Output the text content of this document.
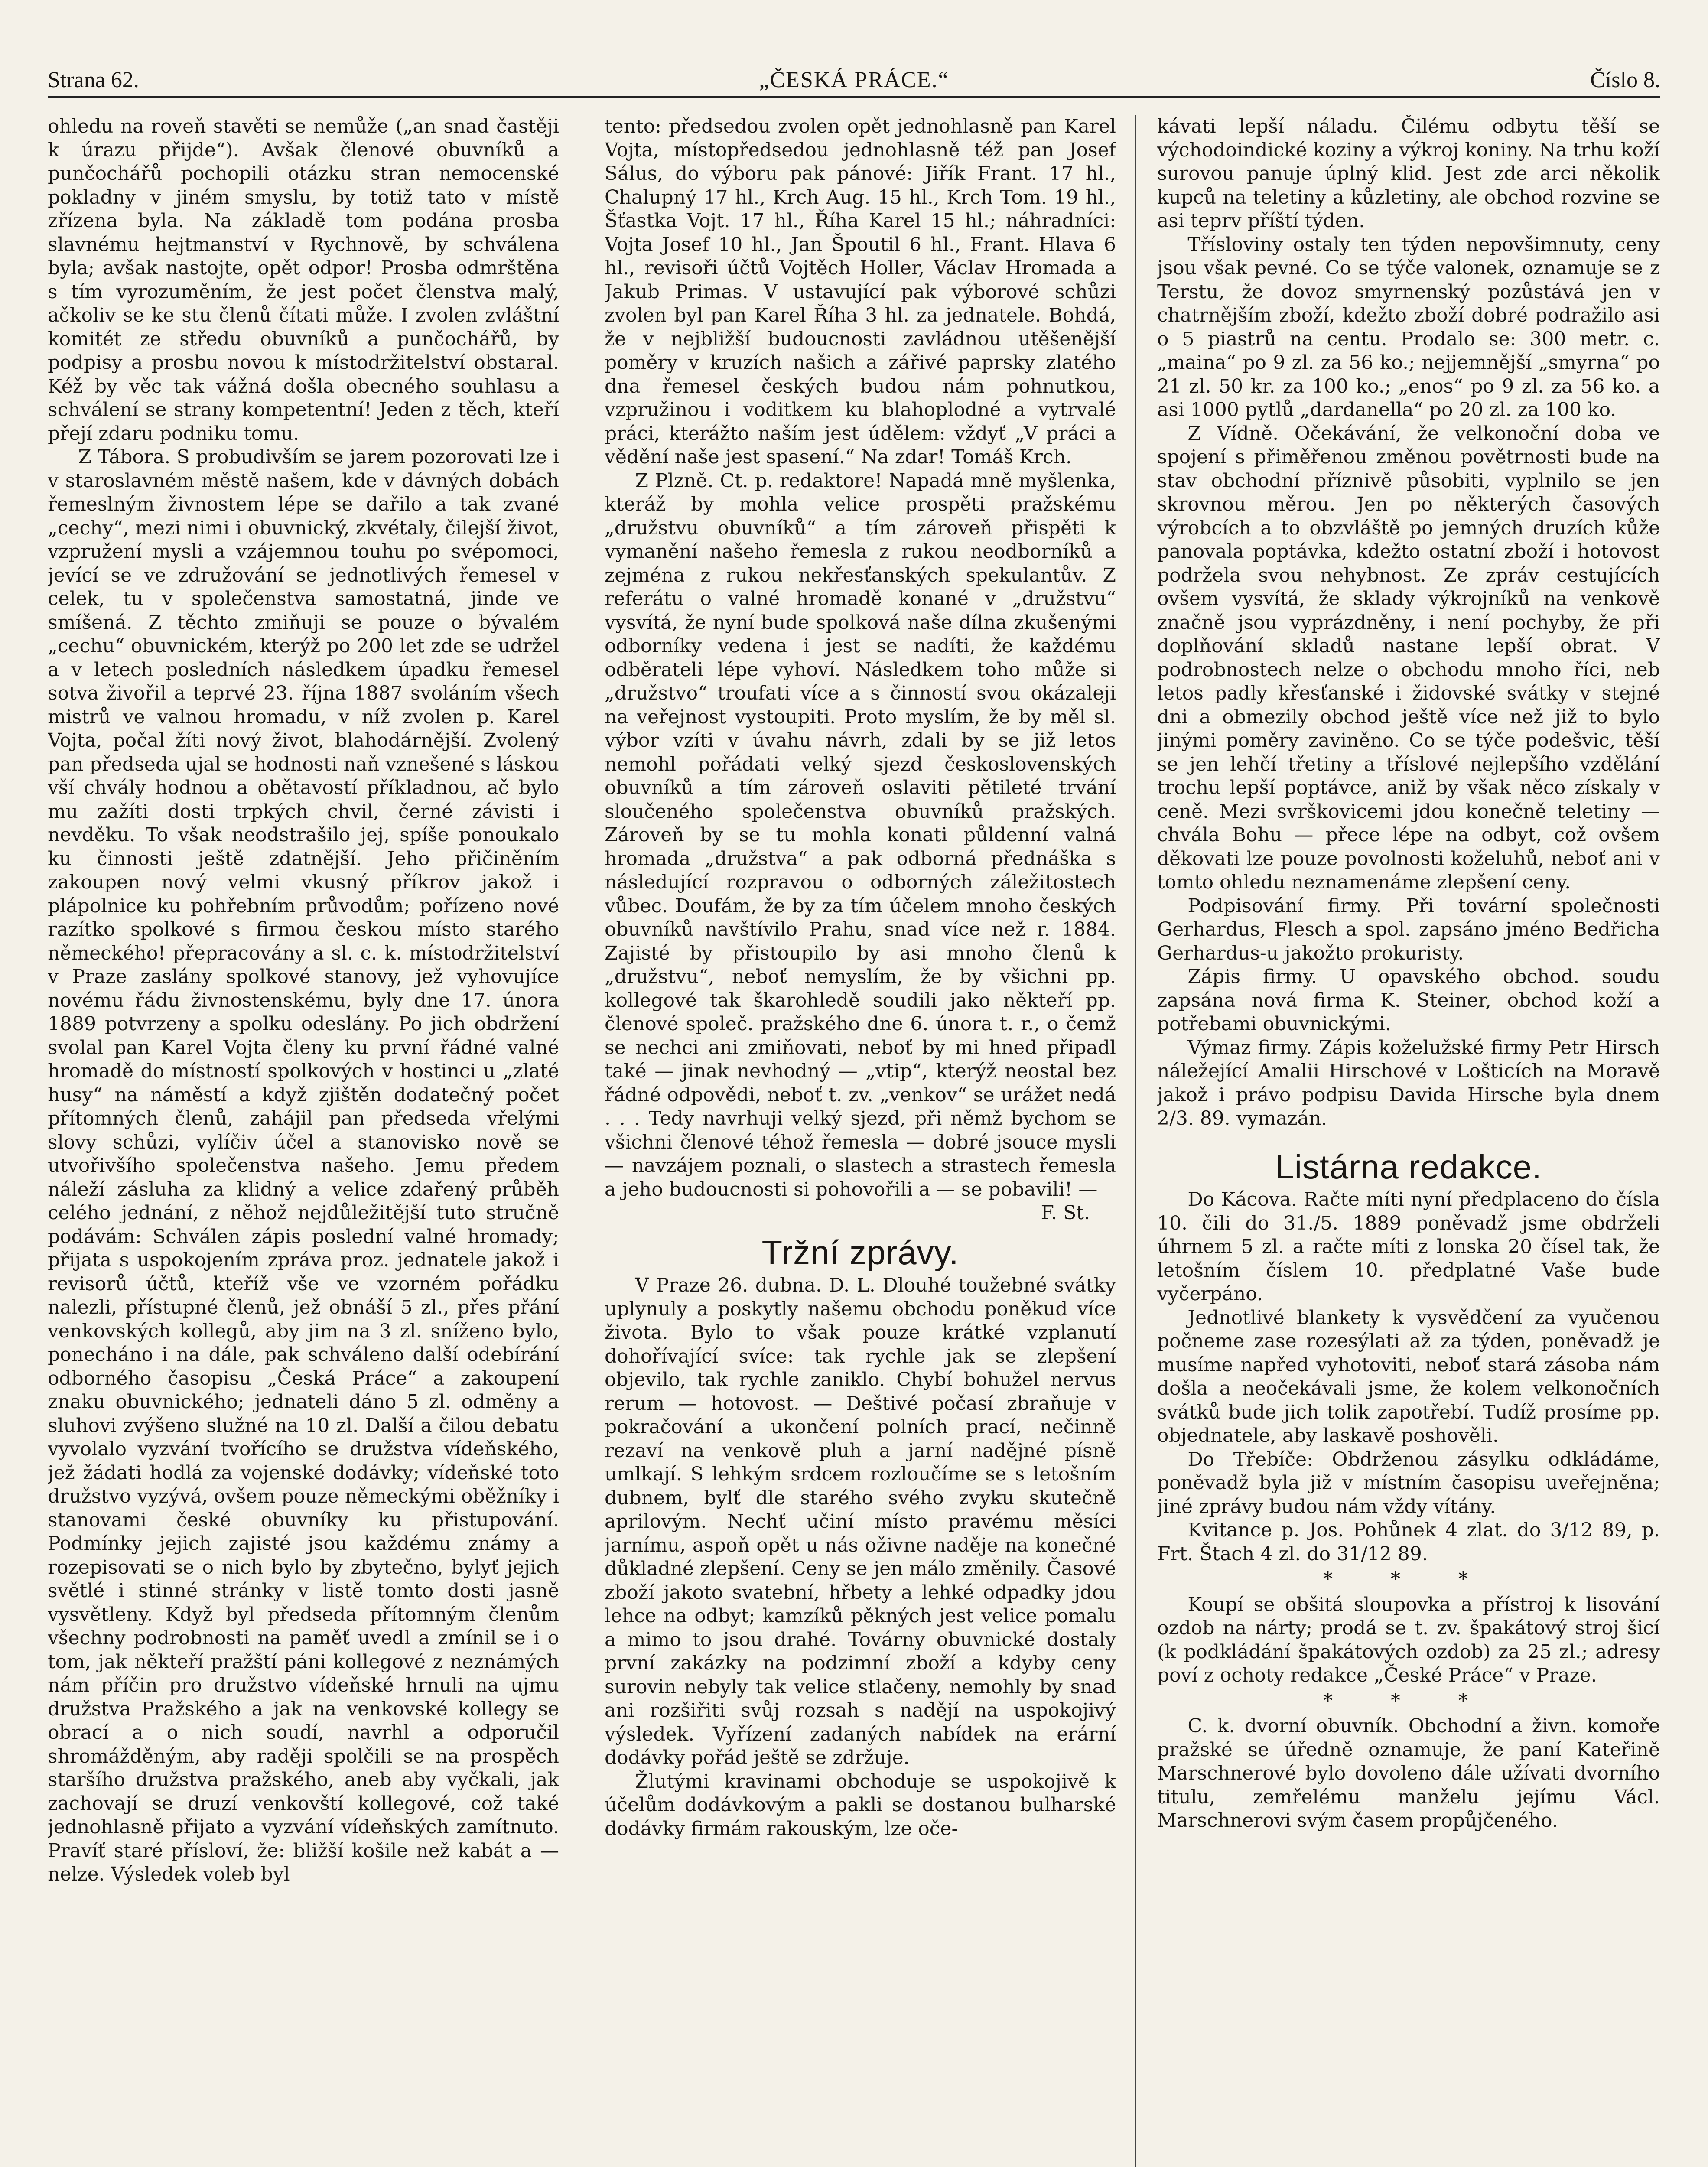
Strana 62.	„ČESKÁ PRÁCE.“	Číslo 8.

ohledu na roveň stavěti se nemůže („an snad častěji k úrazu přijde“). Avšak členové obuvníků a punčochářů pochopili otázku stran nemocenské pokladny v jiném smyslu, by totiž tato v místě zřízena byla. Na základě tom podána prosba slavnému hejtmanství v Rychnově, by schválena byla; avšak nastojte, opět odpor! Prosba odmrštěna s tím vyrozuměním, že jest počet členstva malý, ačkoliv se ke stu členů čítati může. I zvolen zvláštní komitét ze středu obuvníků a punčochářů, by podpisy a prosbu novou k místodržitelství obstaral. Kéž by věc tak vážná došla obecného souhlasu a schválení se strany kompetentní! Jeden z těch, kteří přejí zdaru podniku tomu.

Z Tábora. S probudivším se jarem pozorovati lze i v staroslavném městě našem, kde v dávných dobách řemeslným živnostem lépe se dařilo a tak zvané „cechy“, mezi nimi i obuvnický, zkvétaly, čilejší život, vzpružení mysli a vzájemnou touhu po svépomoci, jevící se ve združování se jednotlivých řemesel v celek, tu v společenstva samostatná, jinde ve smíšená. Z těchto zmiňuji se pouze o bývalém „cechu“ obuvnickém, kterýž po 200 let zde se udržel a v letech posledních následkem úpadku řemesel sotva živořil a teprvé 23. října 1887 svoláním všech mistrů ve valnou hromadu, v níž zvolen p. Karel Vojta, počal žíti nový život, blahodárnější. Zvolený pan předseda ujal se hodnosti naň vznešené s láskou vší chvály hodnou a obětavostí příkladnou, ač bylo mu zažíti dosti trpkých chvil, černé závisti i nevděku. To však neodstrašilo jej, spíše ponoukalo ku činnosti ještě zdatnější. Jeho přičiněním zakoupen nový velmi vkusný příkrov jakož i plápolnice ku pohřebním průvodům; pořízeno nové razítko spolkové s firmou českou místo starého německého! přepracovány a sl. c. k. místodržitelství v Praze zaslány spolkové stanovy, jež vyhovujíce novému řádu živnostenskému, byly dne 17. února 1889 potvrzeny a spolku odeslány. Po jich obdržení svolal pan Karel Vojta členy ku první řádné valné hromadě do místností spolkových v hostinci u „zlaté husy“ na náměstí a když zjištěn dodatečný počet přítomných členů, zahájil pan předseda vřelými slovy schůzi, vylíčiv účel a stanovisko nově se utvořivšího společenstva našeho. Jemu předem náleží zásluha za klidný a velice zdařený průběh celého jednání, z něhož nejdůležitější tuto stručně podávám: Schválen zápis poslední valné hromady; přijata s uspokojením zpráva proz. jednatele jakož i revisorů účtů, kteříž vše ve vzorném pořádku nalezli, přístupné členů, jež obnáší 5 zl., přes přání venkovských kollegů, aby jim na 3 zl. sníženo bylo, ponecháno i na dále, pak schváleno další odebírání odborného časopisu „Česká Práce“ a zakoupení znaku obuvnického; jednateli dáno 5 zl. odměny a sluhovi zvýšeno služné na 10 zl. Další a čilou debatu vyvolalo vyzvání tvořícího se družstva vídeňského, jež žádati hodlá za vojenské dodávky; vídeňské toto družstvo vyzývá, ovšem pouze německými oběžníky i stanovami české obuvníky ku přistupování. Podmínky jejich zajisté jsou každému známy a rozepisovati se o nich bylo by zbytečno, bylyť jejich světlé i stinné stránky v listě tomto dosti jasně vysvětleny. Když byl předseda přítomným členům všechny podrobnosti na paměť uvedl a zmínil se i o tom, jak někteří pražští páni kollegové z neznámých nám příčin pro družstvo vídeňské hrnuli na ujmu družstva Pražského a jak na venkovské kollegy se obrací a o nich soudí, navrhl a odporučil shromážděným, aby raději spolčili se na prospěch staršího družstva pražského, aneb aby vyčkali, jak zachovají se druzí venkovští kollegové, což také jednohlasně přijato a vyzvání vídeňských zamítnuto. Pravíť staré přísloví, že: bližší košile než kabát a — nelze. Výsledek voleb byl

tento: předsedou zvolen opět jednohlasně pan Karel Vojta, místopředsedou jednohlasně též pan Josef Sálus, do výboru pak pánové: Jiřík Frant. 17 hl., Chalupný 17 hl., Krch Aug. 15 hl., Krch Tom. 19 hl., Šťastka Vojt. 17 hl., Říha Karel 15 hl.; náhradníci: Vojta Josef 10 hl., Jan Špoutil 6 hl., Frant. Hlava 6 hl., revisoři účtů Vojtěch Holler, Václav Hromada a Jakub Primas. V ustavující pak výborové schůzi zvolen byl pan Karel Říha 3 hl. za jednatele. Bohdá, že v nejbližší budoucnosti zavládnou utěšenější poměry v kruzích našich a zářivé paprsky zlatého dna řemesel českých budou nám pohnutkou, vzpružinou i voditkem ku blahoplodné a vytrvalé práci, kterážto naším jest údělem: vždyť „V práci a vědění naše jest spasení.“ Na zdar! Tomáš Krch.

Z Plzně. Ct. p. redaktore! Napadá mně myšlenka, kteráž by mohla velice prospěti pražskému „družstvu obuvníků“ a tím zároveň přispěti k vymanění našeho řemesla z rukou neodborníků a zejména z rukou nekřesťanských spekulantův. Z referátu o valné hromadě konané v „družstvu“ vysvítá, že nyní bude spolková naše dílna zkušenými odborníky vedena i jest se nadíti, že každému odběrateli lépe vyhoví. Následkem toho může si „družstvo“ troufati více a s činností svou okázaleji na veřejnost vystoupiti. Proto myslím, že by měl sl. výbor vzíti v úvahu návrh, zdali by se již letos nemohl pořádati velký sjezd československých obuvníků a tím zároveň oslaviti pětileté trvání sloučeného společenstva obuvníků pražských. Zároveň by se tu mohla konati půldenní valná hromada „družstva“ a pak odborná přednáška s následující rozpravou o odborných záležitostech vůbec. Doufám, že by za tím účelem mnoho českých obuvníků navštívilo Prahu, snad více než r. 1884. Zajisté by přistoupilo by asi mnoho členů k „družstvu“, neboť nemyslím, že by všichni pp. kollegové tak škarohledě soudili jako někteří pp. členové společ. pražského dne 6. února t. r., o čemž se nechci ani zmiňovati, neboť by mi hned připadl také — jinak nevhodný — „vtip“, kterýž neostal bez řádné odpovědi, neboť t. zv. „venkov“ se urážet nedá . . . Tedy navrhuji velký sjezd, při němž bychom se všichni členové téhož řemesla — dobré jsouce mysli — navzájem poznali, o slastech a strastech řemesla a jeho budoucnosti si pohovořili a — se pobavili! —

F. St.

Tržní zprávy.

V Praze 26. dubna. D. L. Dlouhé toužebné svátky uplynuly a poskytly našemu obchodu poněkud více života. Bylo to však pouze krátké vzplanutí dohořívající svíce: tak rychle jak se zlepšení objevilo, tak rychle zaniklo. Chybí bohužel nervus rerum — hotovost. — Deštivé počasí zbraňuje v pokračování a ukončení polních prací, nečinně rezaví na venkově pluh a jarní nadějné písně umlkají. S lehkým srdcem rozloučíme se s letošním dubnem, bylť dle starého svého zvyku skutečně aprilovým. Nechť učiní místo pravému měsíci jarnímu, aspoň opět u nás oživne naděje na konečné důkladné zlepšení. Ceny se jen málo změnily. Časové zboží jakoto svatební, hřbety a lehké odpadky jdou lehce na odbyt; kamzíků pěkných jest velice pomalu a mimo to jsou drahé. Továrny obuvnické dostaly první zakázky na podzimní zboží a kdyby ceny surovin nebyly tak velice stlačeny, nemohly by snad ani rozšiřiti svůj rozsah s nadějí na uspokojivý výsledek. Vyřízení zadaných nabídek na erární dodávky pořád ještě se zdržuje.

Žlutými kravinami obchoduje se uspokojivě k účelům dodávkovým a pakli se dostanou bulharské dodávky firmám rakouským, lze oče-

kávati lepší náladu. Čilému odbytu těší se východoindické koziny a výkroj koniny. Na trhu koží surovou panuje úplný klid. Jest zde arci několik kupců na teletiny a kůzletiny, ale obchod rozvine se asi teprv příští týden.

Třísloviny ostaly ten týden nepovšimnuty, ceny jsou však pevné. Co se týče valonek, oznamuje se z Terstu, že dovoz smyrnenský pozůstává jen v chatrnějším zboží, kdežto zboží dobré podražilo asi o 5 piastrů na centu. Prodalo se: 300 metr. c. „maina“ po 9 zl. za 56 ko.; nejjemnější „smyrna“ po 21 zl. 50 kr. za 100 ko.; „enos“ po 9 zl. za 56 ko. a asi 1000 pytlů „dardanella“ po 20 zl. za 100 ko.

Z Vídně. Očekávání, že velkonoční doba ve spojení s přiměřenou změnou povětrnosti bude na stav obchodní příznivě působiti, vyplnilo se jen skrovnou měrou. Jen po některých časových výrobcích a to obzvláště po jemných druzích kůže panovala poptávka, kdežto ostatní zboží i hotovost podržela svou nehybnost. Ze zpráv cestujících ovšem vysvítá, že sklady výkrojníků na venkově značně jsou vyprázdněny, i není pochyby, že při doplňování skladů nastane lepší obrat. V podrobnostech nelze o obchodu mnoho říci, neb letos padly křesťanské i židovské svátky v stejné dni a obmezily obchod ještě více než již to bylo jinými poměry zaviněno. Co se týče podešvic, těší se jen lehčí třetiny a tříslové nejlepšího vzdělání trochu lepší poptávce, aniž by však něco získaly v ceně. Mezi svrškovicemi jdou konečně teletiny — chvála Bohu — přece lépe na odbyt, což ovšem děkovati lze pouze povolnosti koželuhů, neboť ani v tomto ohledu neznamenáme zlepšení ceny.

Podpisování firmy. Při tovární společnosti Gerhardus, Flesch a spol. zapsáno jméno Bedřicha Gerhardus-u jakožto prokuristy.

Zápis firmy. U opavského obchod. soudu zapsána nová firma K. Steiner, obchod koží a potřebami obuvnickými.

Výmaz firmy. Zápis koželužské firmy Petr Hirsch náležející Amalii Hirschové v Lošticích na Moravě jakož i právo podpisu Davida Hirsche byla dnem 2/3. 89. vymazán.

Listárna redakce.

Do Kácova. Račte míti nyní předplaceno do čísla 10. čili do 31./5. 1889 poněvadž jsme obdrželi úhrnem 5 zl. a račte míti z lonska 20 čísel tak, že letošním číslem 10. předplatné Vaše bude vyčerpáno.

Jednotlivé blankety k vysvědčení za vyučenou počneme zase rozesýlati až za týden, poněvadž je musíme napřed vyhotoviti, neboť stará zásoba nám došla a neočekávali jsme, že kolem velkonočních svátků bude jich tolik zapotřebí. Tudíž prosíme pp. objednatele, aby laskavě poshověli.

Do Třebíče: Obdrženou zásylku odkládáme, poněvadž byla již v místním časopisu uveřejněna; jiné zprávy budou nám vždy vítány.

Kvitance p. Jos. Pohůnek 4 zlat. do 3/12 89, p. Frt. Štach 4 zl. do 31/12 89.

* * *

Koupí se obšitá sloupovka a přístroj k lisování ozdob na nárty; prodá se t. zv. špakátový stroj šicí (k podkládání špakátových ozdob) za 25 zl.; adresy poví z ochoty redakce „České Práce“ v Praze.

* * *

C. k. dvorní obuvník. Obchodní a živn. komoře pražské se úředně oznamuje, že paní Kateřině Marschnerové bylo dovoleno dále užívati dvorního titulu, zemřelému manželu jejímu Václ. Marschnerovi svým časem propůjčeného.
